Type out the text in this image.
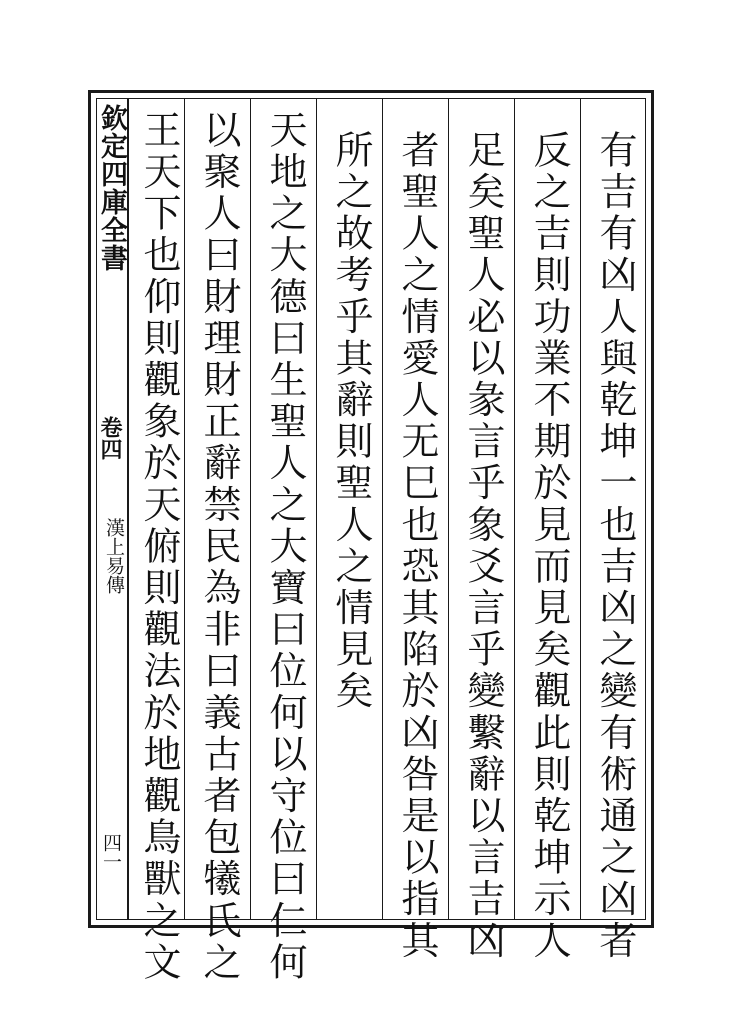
欽定四庫全書
卷四
漢上易傳
四一	有吉有凶人與乾坤一也吉凶之變有術通之凶者
反之吉則功業不期於見而見矣觀此則乾坤示人
足矣聖人必以彖言乎象爻言乎變繫辭以言吉凶
者聖人之情愛人无巳也恐其陷於凶咎是以指其
所之故考乎其辭則聖人之情見矣
天地之大德曰生聖人之大寶曰位何以守位曰仁何
以聚人曰財理財正辭禁民為非曰義古者包犧氏之
王天下也仰則觀象於天俯則觀法於地觀鳥獸之文
